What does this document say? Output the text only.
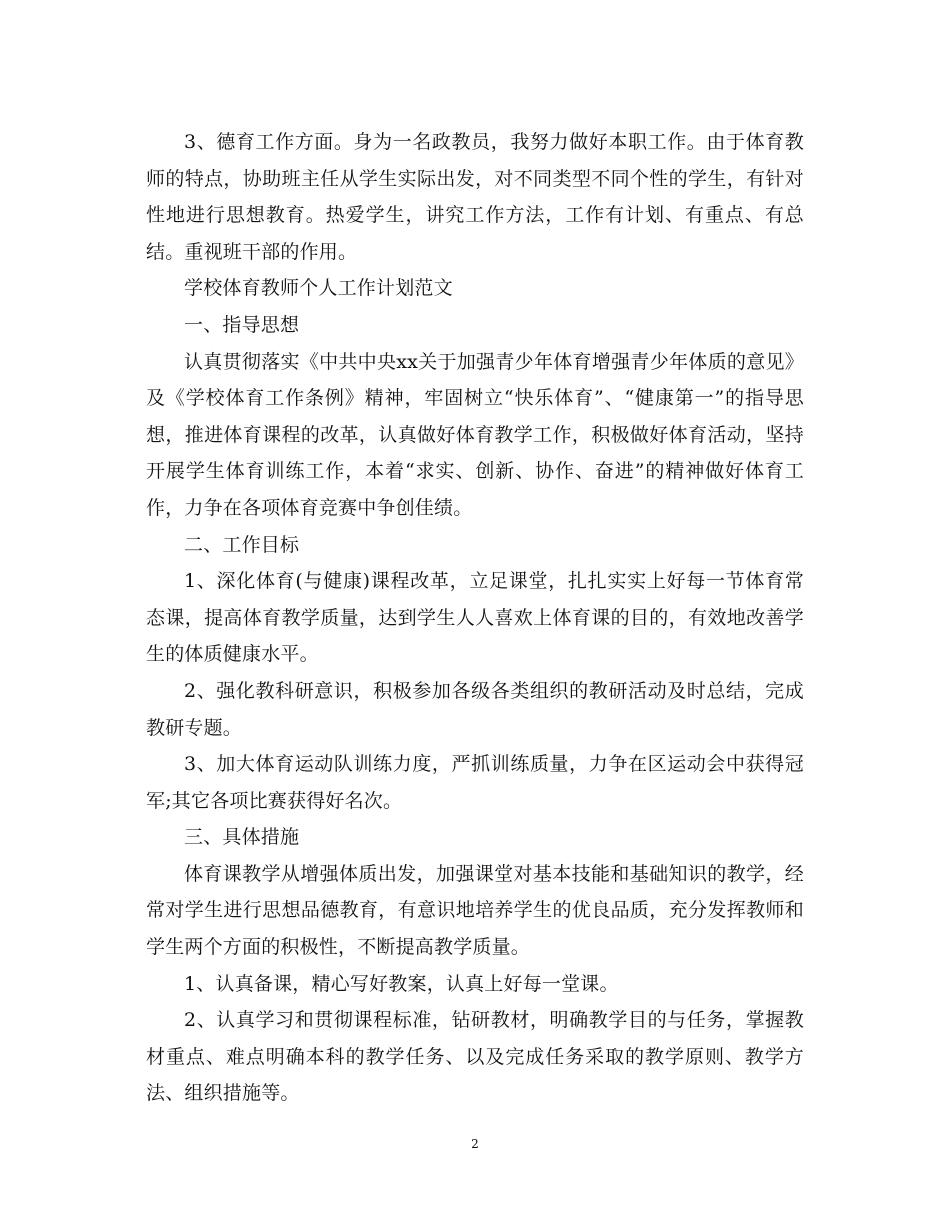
3、德育工作方面。身为一名政教员，我努力做好本职工作。由于体育教师的特点，协助班主任从学生实际出发，对不同类型不同个性的学生，有针对性地进行思想教育。热爱学生，讲究工作方法，工作有计划、有重点、有总结。重视班干部的作用。

学校体育教师个人工作计划范文

一、指导思想

认真贯彻落实《中共中央xx关于加强青少年体育增强青少年体质的意见》及《学校体育工作条例》精神，牢固树立“快乐体育”、“健康第一”的指导思想，推进体育课程的改革，认真做好体育教学工作，积极做好体育活动，坚持开展学生体育训练工作，本着“求实、创新、协作、奋进”的精神做好体育工作，力争在各项体育竞赛中争创佳绩。

二、工作目标

1、深化体育(与健康)课程改革，立足课堂，扎扎实实上好每一节体育常态课，提高体育教学质量，达到学生人人喜欢上体育课的目的，有效地改善学生的体质健康水平。

2、强化教科研意识，积极参加各级各类组织的教研活动及时总结，完成教研专题。

3、加大体育运动队训练力度，严抓训练质量，力争在区运动会中获得冠军;其它各项比赛获得好名次。

三、具体措施

体育课教学从增强体质出发，加强课堂对基本技能和基础知识的教学，经常对学生进行思想品德教育，有意识地培养学生的优良品质，充分发挥教师和学生两个方面的积极性，不断提高教学质量。

1、认真备课，精心写好教案，认真上好每一堂课。

2、认真学习和贯彻课程标准，钻研教材，明确教学目的与任务，掌握教材重点、难点明确本科的教学任务、以及完成任务采取的教学原则、教学方法、组织措施等。

2
